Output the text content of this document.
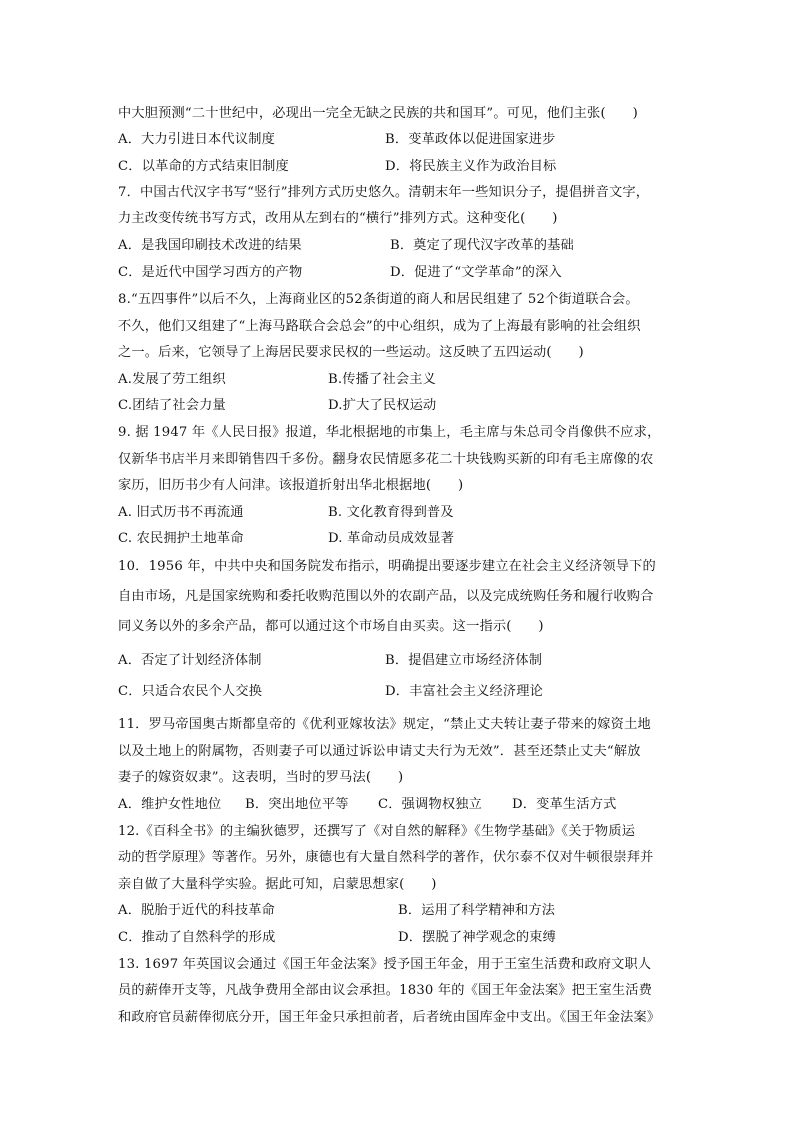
中大胆预测“二十世纪中，必现出一完全无缺之民族的共和国耳”。可见，他们主张(　　)
A．大力引进日本代议制度	B．变革政体以促进国家进步
C．以革命的方式结束旧制度	D．将民族主义作为政治目标
7．中国古代汉字书写“竖行”排列方式历史悠久。清朝末年一些知识分子，提倡拼音文字，
力主改变传统书写方式，改用从左到右的“横行”排列方式。这种变化(　　)
A．是我国印刷技术改进的结果	B．奠定了现代汉字改革的基础
C．是近代中国学习西方的产物	D．促进了“文学革命”的深入
8.“五四事件”以后不久，上海商业区的52条街道的商人和居民组建了 52个街道联合会。
不久，他们又组建了“上海马路联合会总会”的中心组织，成为了上海最有影响的社会组织
之一。后来，它领导了上海居民要求民权的一些运动。这反映了五四运动(　　)
A.发展了劳工组织	B.传播了社会主义
C.团结了社会力量	D.扩大了民权运动
9. 据 1947 年《人民日报》报道，华北根据地的市集上，毛主席与朱总司令肖像供不应求，
仅新华书店半月来即销售四千多份。翻身农民情愿多花二十块钱购买新的印有毛主席像的农
家历，旧历书少有人问津。该报道折射出华北根据地(　　)
A. 旧式历书不再流通	B. 文化教育得到普及
C. 农民拥护土地革命	D. 革命动员成效显著
10．1956 年，中共中央和国务院发布指示，明确提出要逐步建立在社会主义经济领导下的
自由市场，凡是国家统购和委托收购范围以外的农副产品，以及完成统购任务和履行收购合
同义务以外的多余产品，都可以通过这个市场自由买卖。这一指示(　　)
A．否定了计划经济体制	B．提倡建立市场经济体制
C．只适合农民个人交换	D．丰富社会主义经济理论
11．罗马帝国奥古斯都皇帝的《优利亚嫁妆法》规定，“禁止丈夫转让妻子带来的嫁资土地
以及土地上的附属物，否则妻子可以通过诉讼申请丈夫行为无效”．甚至还禁止丈夫“解放
妻子的嫁资奴隶”。这表明，当时的罗马法(　　)
A．维护女性地位 B．突出地位平等 C．强调物权独立 D．变革生活方式
12.《百科全书》的主编狄德罗，还撰写了《对自然的解释》《生物学基础》《关于物质运
动的哲学原理》等著作。另外，康德也有大量自然科学的著作，伏尔泰不仅对牛顿很崇拜并
亲自做了大量科学实验。据此可知，启蒙思想家(　　)
A．脱胎于近代的科技革命	B．运用了科学精神和方法
C．推动了自然科学的形成	D．摆脱了神学观念的束缚
13. 1697 年英国议会通过《国王年金法案》授予国王年金，用于王室生活费和政府文职人
员的薪俸开支等，凡战争费用全部由议会承担。1830 年的《国王年金法案》把王室生活费
和政府官员薪俸彻底分开，国王年金只承担前者，后者统由国库金中支出。《国王年金法案》
